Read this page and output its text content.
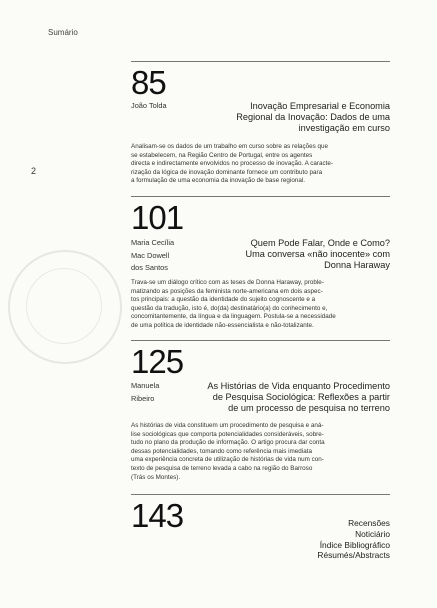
Sumário
2
85
João Tolda	Inovação Empresarial e Economia
Regional da Inovação: Dados de uma
investigação em curso
Analisam-se os dados de um trabalho em curso sobre as relações que
se estabelecem, na Região Centro de Portugal, entre os agentes
directa e indirectamente envolvidos no processo de inovação. A caracte-
rização da lógica de inovação dominante fornece um contributo para
a formulação de uma economia da inovação de base regional.
101
Maria Cecília
Mac Dowell
dos Santos
Quem Pode Falar, Onde e Como?
Uma conversa «não inocente» com
Donna Haraway
Trava-se um diálogo crítico com as teses de Donna Haraway, proble-
matizando as posições da feminista norte-americana em dois aspec-
tos principais: a questão da identidade do sujeito cognoscente e a
questão da tradução, isto é, do(da) destinatário(a) do conhecimento e,
concomitantemente, da língua e da linguagem. Postula-se a necessidade
de uma política de identidade não-essencialista e não-totalizante.
125
Manuela
Ribeiro
As Histórias de Vida enquanto Procedimento
de Pesquisa Sociológica: Reflexões a partir
de um processo de pesquisa no terreno
As histórias de vida constituem um procedimento de pesquisa e aná-
lise sociológicas que comporta potencialidades consideráveis, sobre-
tudo no plano da produção de informação. O artigo procura dar conta
dessas potencialidades, tomando como referência mais imediata
uma experiência concreta de utilização de histórias de vida num con-
texto de pesquisa de terreno levada a cabo na região do Barroso
(Trás os Montes).
143	Recensões
Noticiário
Índice Bibliográfico
Résumés/Abstracts
